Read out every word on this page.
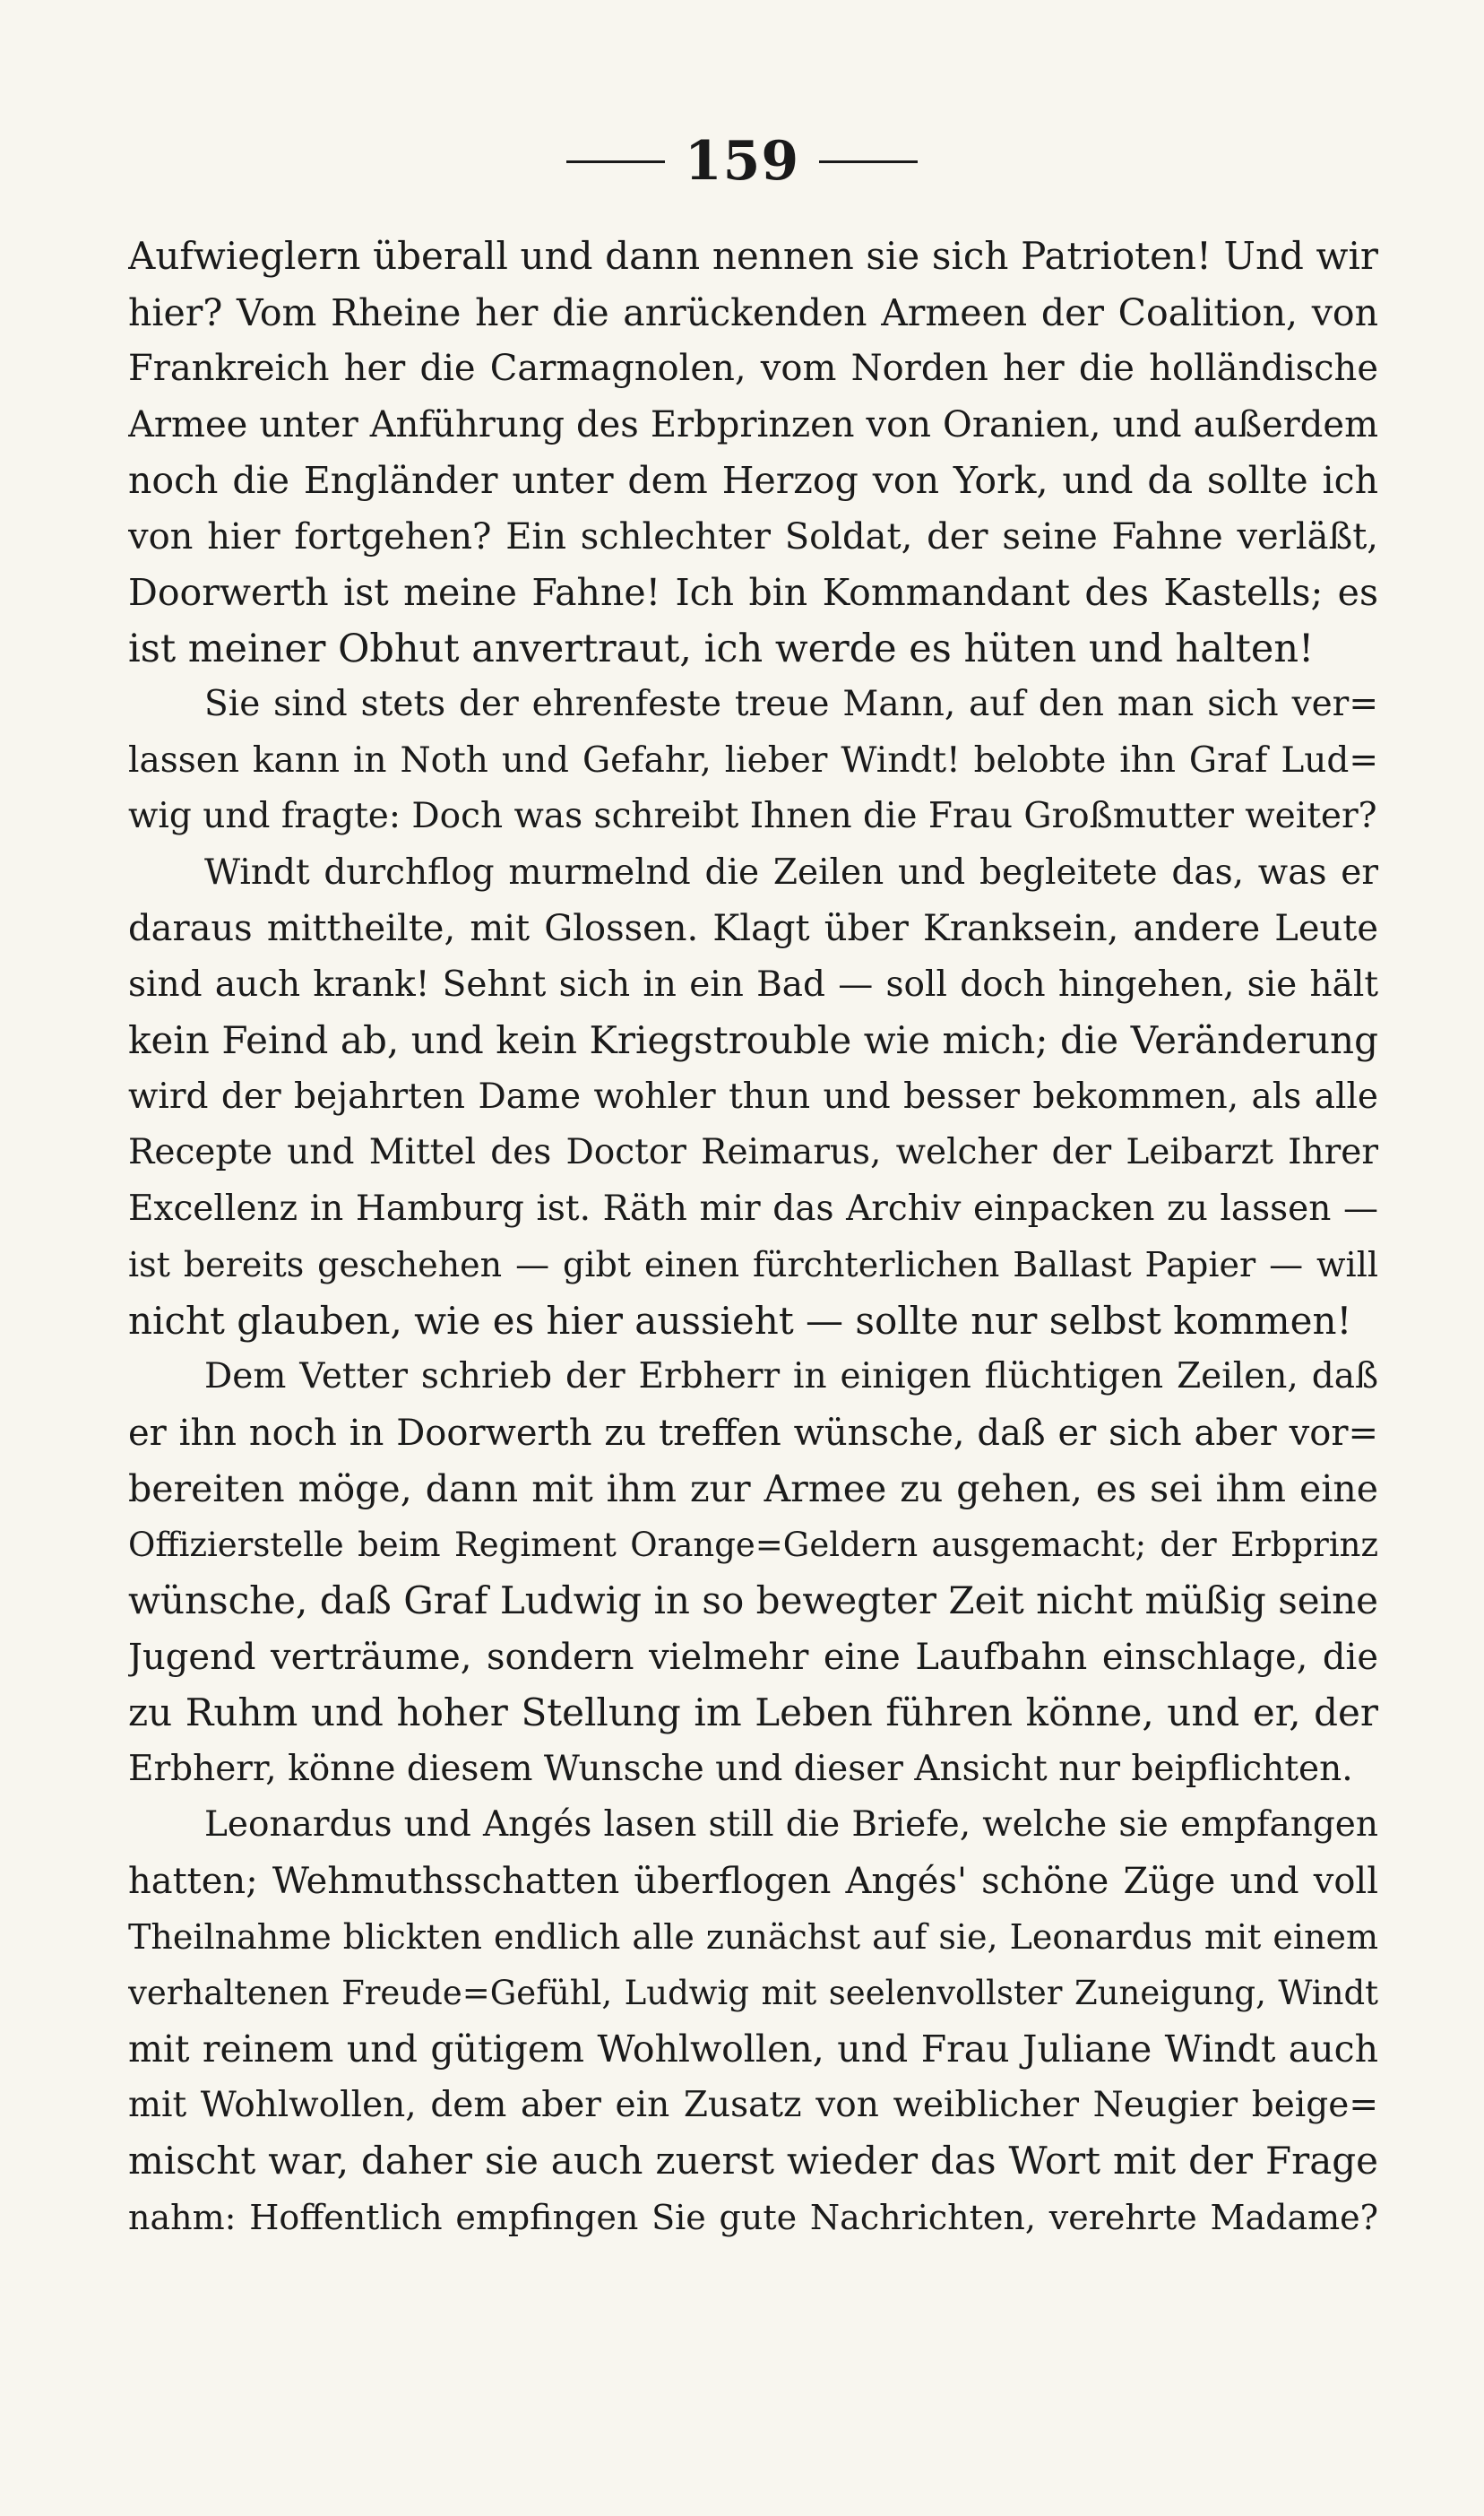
159
Aufwieglern überall und dann nennen sie sich Patrioten! Und wir
hier? Vom Rheine her die anrückenden Armeen der Coalition, von
Frankreich her die Carmagnolen, vom Norden her die holländische
Armee unter Anführung des Erbprinzen von Oranien, und außerdem
noch die Engländer unter dem Herzog von York, und da sollte ich
von hier fortgehen? Ein schlechter Soldat, der seine Fahne verläßt,
Doorwerth ist meine Fahne! Ich bin Kommandant des Kastells; es
ist meiner Obhut anvertraut, ich werde es hüten und halten!
Sie sind stets der ehrenfeste treue Mann, auf den man sich ver=
lassen kann in Noth und Gefahr, lieber Windt! belobte ihn Graf Lud=
wig und fragte: Doch was schreibt Ihnen die Frau Großmutter weiter?
Windt durchflog murmelnd die Zeilen und begleitete das, was er
daraus mittheilte, mit Glossen. Klagt über Kranksein, andere Leute
sind auch krank! Sehnt sich in ein Bad — soll doch hingehen, sie hält
kein Feind ab, und kein Kriegstrouble wie mich; die Veränderung
wird der bejahrten Dame wohler thun und besser bekommen, als alle
Recepte und Mittel des Doctor Reimarus, welcher der Leibarzt Ihrer
Excellenz in Hamburg ist. Räth mir das Archiv einpacken zu lassen —
ist bereits geschehen — gibt einen fürchterlichen Ballast Papier — will
nicht glauben, wie es hier aussieht — sollte nur selbst kommen!
Dem Vetter schrieb der Erbherr in einigen flüchtigen Zeilen, daß
er ihn noch in Doorwerth zu treffen wünsche, daß er sich aber vor=
bereiten möge, dann mit ihm zur Armee zu gehen, es sei ihm eine
Offizierstelle beim Regiment Orange=Geldern ausgemacht; der Erbprinz
wünsche, daß Graf Ludwig in so bewegter Zeit nicht müßig seine
Jugend verträume, sondern vielmehr eine Laufbahn einschlage, die
zu Ruhm und hoher Stellung im Leben führen könne, und er, der
Erbherr, könne diesem Wunsche und dieser Ansicht nur beipflichten.
Leonardus und Angés lasen still die Briefe, welche sie empfangen
hatten; Wehmuthsschatten überflogen Angés' schöne Züge und voll
Theilnahme blickten endlich alle zunächst auf sie, Leonardus mit einem
verhaltenen Freude=Gefühl, Ludwig mit seelenvollster Zuneigung, Windt
mit reinem und gütigem Wohlwollen, und Frau Juliane Windt auch
mit Wohlwollen, dem aber ein Zusatz von weiblicher Neugier beige=
mischt war, daher sie auch zuerst wieder das Wort mit der Frage
nahm: Hoffentlich empfingen Sie gute Nachrichten, verehrte Madame?
